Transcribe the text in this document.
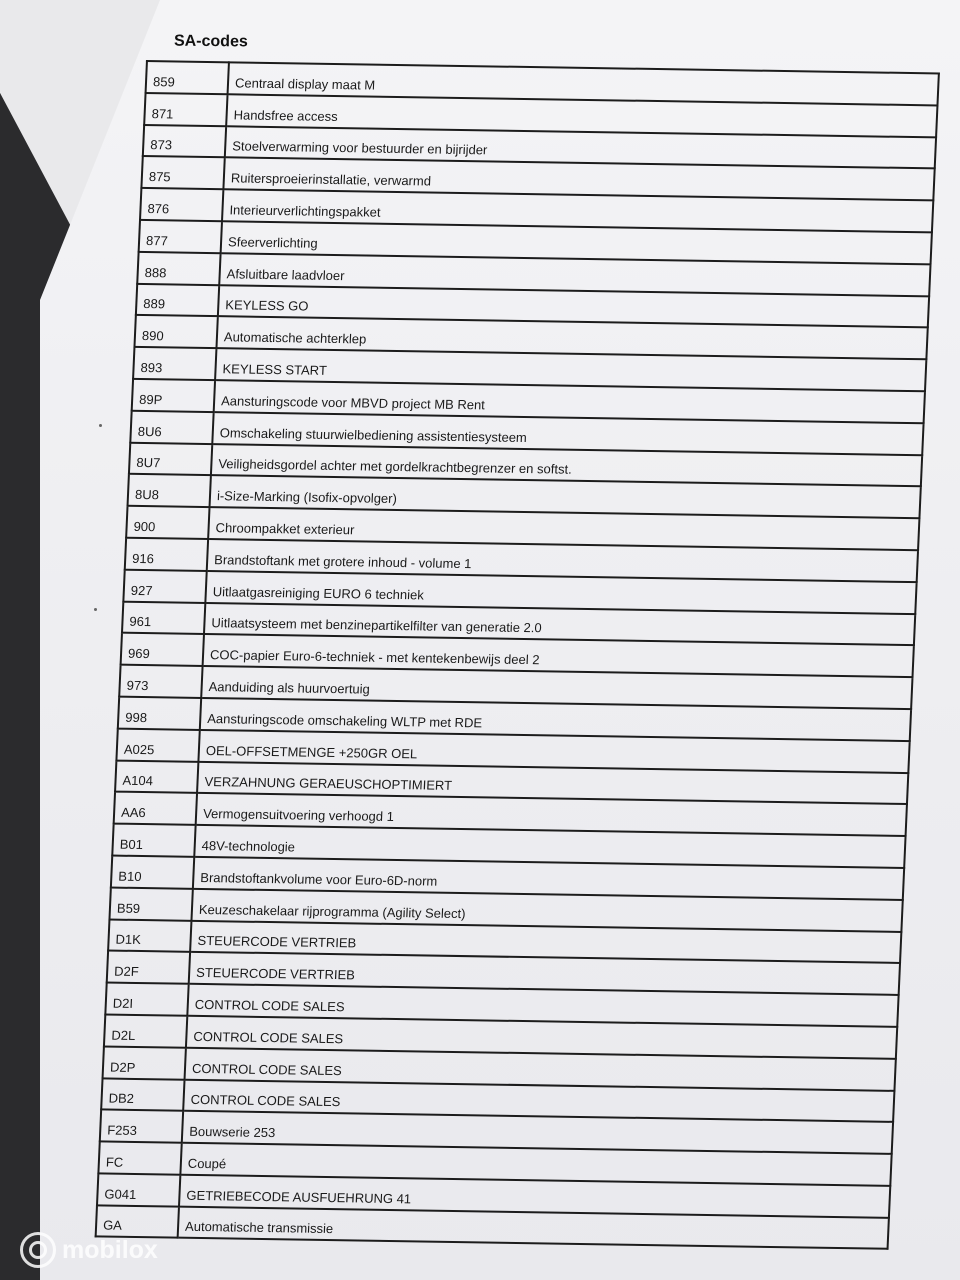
SA-codes
859	Centraal display maat M
871	Handsfree access
873	Stoelverwarming voor bestuurder en bijrijder
875	Ruitersproeierinstallatie, verwarmd
876	Interieurverlichtingspakket
877	Sfeerverlichting
888	Afsluitbare laadvloer
889	KEYLESS GO
890	Automatische achterklep
893	KEYLESS START
89P	Aansturingscode voor MBVD project MB Rent
8U6	Omschakeling stuurwielbediening assistentiesysteem
8U7	Veiligheidsgordel achter met gordelkrachtbegrenzer en softst.
8U8	i-Size-Marking (Isofix-opvolger)
900	Chroompakket exterieur
916	Brandstoftank met grotere inhoud - volume 1
927	Uitlaatgasreiniging EURO 6 techniek
961	Uitlaatsysteem met benzinepartikelfilter van generatie 2.0
969	COC-papier Euro-6-techniek - met kentekenbewijs deel 2
973	Aanduiding als huurvoertuig
998	Aansturingscode omschakeling WLTP met RDE
A025	OEL-OFFSETMENGE +250GR OEL
A104	VERZAHNUNG GERAEUSCHOPTIMIERT
AA6	Vermogensuitvoering verhoogd 1
B01	48V-technologie
B10	Brandstoftankvolume voor Euro-6D-norm
B59	Keuzeschakelaar rijprogramma (Agility Select)
D1K	STEUERCODE VERTRIEB
D2F	STEUERCODE VERTRIEB
D2I	CONTROL CODE SALES
D2L	CONTROL CODE SALES
D2P	CONTROL CODE SALES
DB2	CONTROL CODE SALES
F253	Bouwserie 253
FC	Coupé
G041	GETRIEBECODE AUSFUEHRUNG 41
GA	Automatische transmissie
mobilox
